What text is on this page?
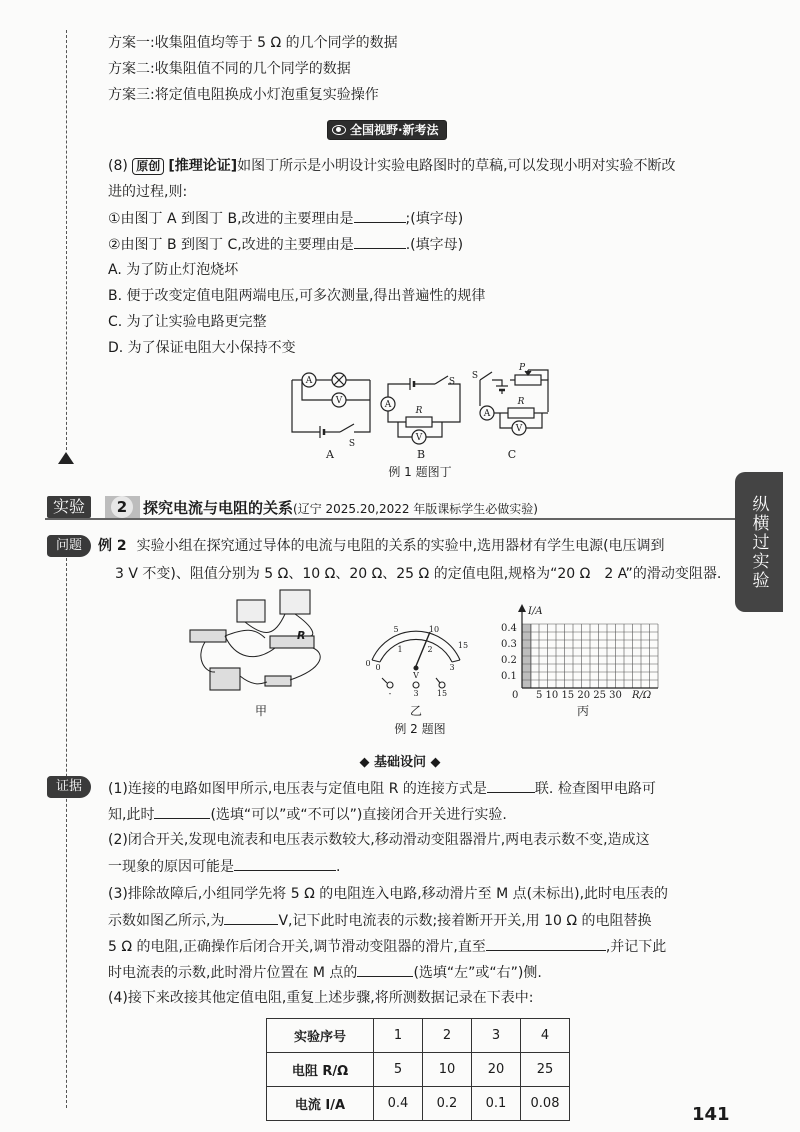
方案一:收集阻值均等于 5 Ω 的几个同学的数据
方案二:收集阻值不同的几个同学的数据
方案三:将定值电阻换成小灯泡重复实验操作
全国视野·新考法
(8) 原创 [推理论证]如图丁所示是小明设计实验电路图时的草稿,可以发现小明对实验不断改
进的过程,则:
①由图丁 A 到图丁 B,改进的主要理由是	;(填字母)
②由图丁 B 到图丁 C,改进的主要理由是	.(填字母)
A. 为了防止灯泡烧坏
B. 便于改变定值电阻两端电压,可多次测量,得出普遍性的规律
C. 为了让实验电路更完整
D. 为了保证电阻大小保持不变
A
V
S
A
R
V
S
S
P
A
R
V
A	B	C
例 1 题图丁
实验	2	探究电流与电阻的关系(辽宁 2025.20,2022 年版课标学生必做实验)	纵横过实验
问题	例 2 实验小组在探究通过导体的电流与电阻的关系的实验中,选用器材有学生电源(电压调到
3 V 不变)、阻值分别为 5 Ω、10 Ω、20 Ω、25 Ω 的定值电阻,规格为“20 Ω　2 A”的滑动变阻器.
R
0
5	10
15
0
1	2
3
V
-	3 15
I/A
0.4
0.3
0.2
0.1
0 5 10 15 20 25 30 R/Ω
甲	乙	丙
例 2 题图
◆ 基础设问 ◆
证据	(1)连接的电路如图甲所示,电压表与定值电阻 R 的连接方式是	联. 检查图甲电路可
知,此时	(选填“可以”或“不可以”)直接闭合开关进行实验.
(2)闭合开关,发现电流表和电压表示数较大,移动滑动变阻器滑片,两电表示数不变,造成这
一现象的原因可能是	.
(3)排除故障后,小组同学先将 5 Ω 的电阻连入电路,移动滑片至 M 点(未标出),此时电压表的
示数如图乙所示,为	V,记下此时电流表的示数;接着断开开关,用 10 Ω 的电阻替换
5 Ω 的电阻,正确操作后闭合开关,调节滑动变阻器的滑片,直至	,并记下此
时电流表的示数,此时滑片位置在 M 点的	(选填“左”或“右”)侧.
(4)接下来改接其他定值电阻,重复上述步骤,将所测数据记录在下表中:
实验序号	1	2	3	4
电阻 R/Ω	5	10	20	25
电流 I/A	0.4	0.2	0.1	0.08
141
